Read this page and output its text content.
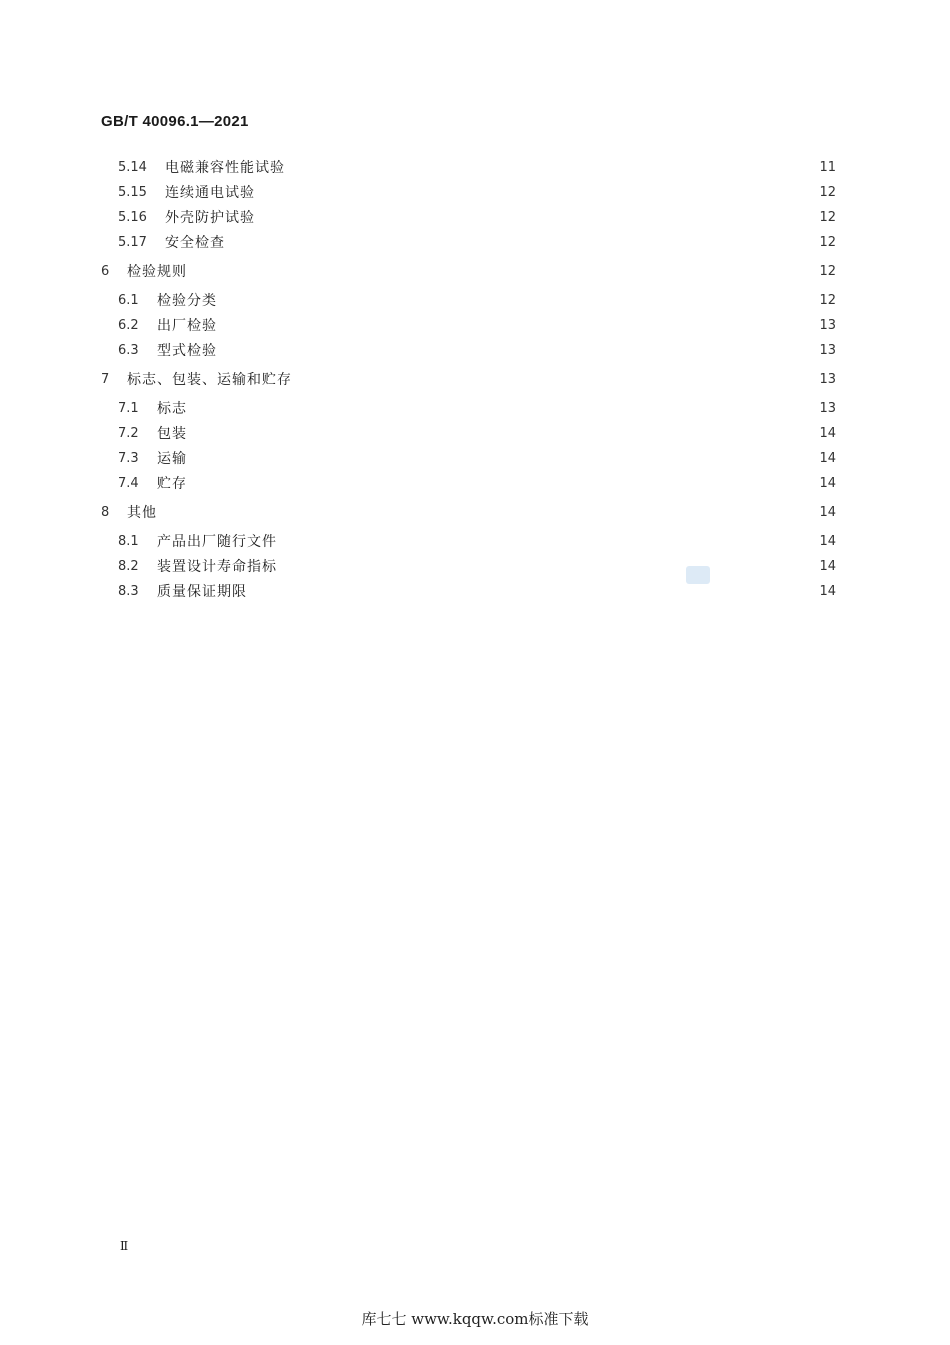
GB/T 40096.1—2021
5.14	电磁兼容性能试验	11
5.15	连续通电试验	12
5.16	外壳防护试验	12
5.17	安全检查	12
6	检验规则	12
6.1	检验分类	12
6.2	出厂检验	13
6.3	型式检验	13
7	标志、包装、运输和贮存	13
7.1	标志	13
7.2	包装	14
7.3	运输	14
7.4	贮存	14
8	其他	14
8.1	产品出厂随行文件	14
8.2	装置设计寿命指标	14
8.3	质量保证期限	14
Ⅱ
库七七 www.kqqw.com标准下载
